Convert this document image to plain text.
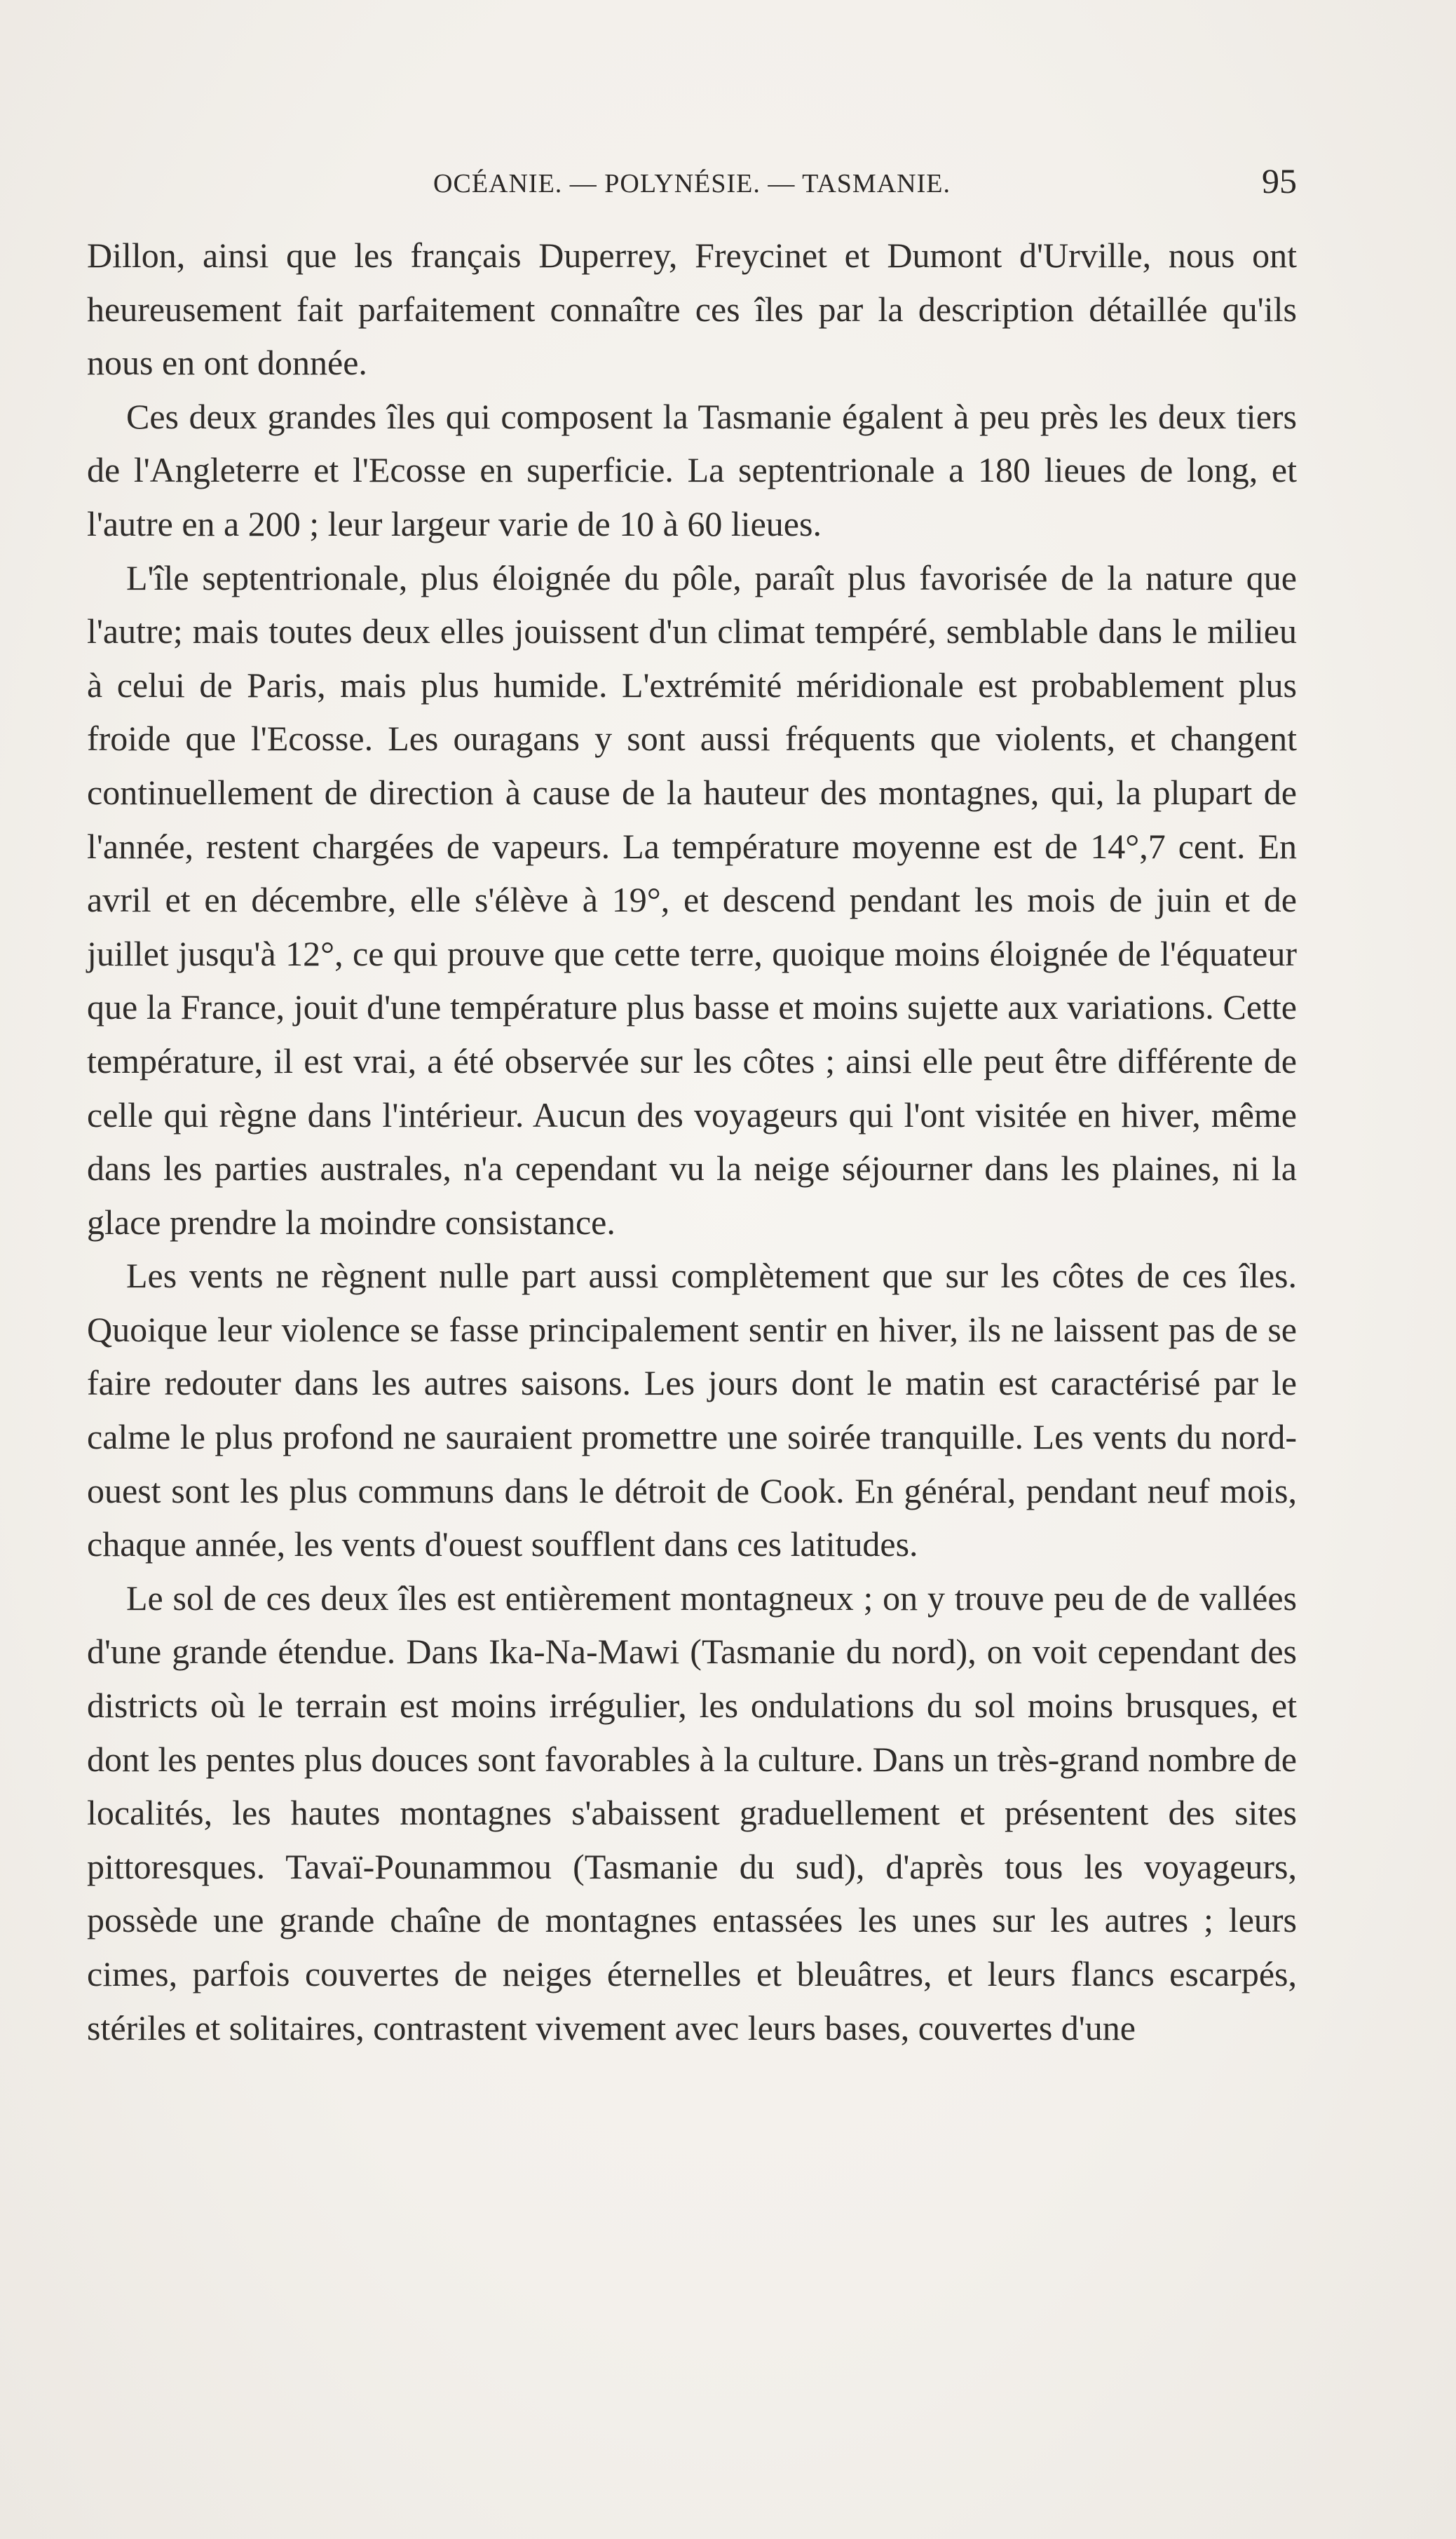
OCÉANIE. — POLYNÉSIE. — TASMANIE.	95

Dillon, ainsi que les français Duperrey, Freycinet et Dumont d'Urville, nous ont heureusement fait parfaitement connaître ces îles par la description détaillée qu'ils nous en ont donnée.

Ces deux grandes îles qui composent la Tasmanie égalent à peu près les deux tiers de l'Angleterre et l'Ecosse en superficie. La septentrionale a 180 lieues de long, et l'autre en a 200 ; leur largeur varie de 10 à 60 lieues.

L'île septentrionale, plus éloignée du pôle, paraît plus favorisée de la nature que l'autre; mais toutes deux elles jouissent d'un climat tempéré, semblable dans le milieu à celui de Paris, mais plus humide. L'extrémité méridionale est probablement plus froide que l'Ecosse. Les ouragans y sont aussi fréquents que violents, et changent continuellement de direction à cause de la hauteur des montagnes, qui, la plupart de l'année, restent chargées de vapeurs. La température moyenne est de 14°,7 cent. En avril et en décembre, elle s'élève à 19°, et descend pendant les mois de juin et de juillet jusqu'à 12°, ce qui prouve que cette terre, quoique moins éloignée de l'équateur que la France, jouit d'une température plus basse et moins sujette aux variations. Cette température, il est vrai, a été observée sur les côtes ; ainsi elle peut être différente de celle qui règne dans l'intérieur. Aucun des voyageurs qui l'ont visitée en hiver, même dans les parties australes, n'a cependant vu la neige séjourner dans les plaines, ni la glace prendre la moindre consistance.

Les vents ne règnent nulle part aussi complètement que sur les côtes de ces îles. Quoique leur violence se fasse principalement sentir en hiver, ils ne laissent pas de se faire redouter dans les autres saisons. Les jours dont le matin est caractérisé par le calme le plus profond ne sauraient promettre une soirée tranquille. Les vents du nord-ouest sont les plus communs dans le détroit de Cook. En général, pendant neuf mois, chaque année, les vents d'ouest soufflent dans ces latitudes.

Le sol de ces deux îles est entièrement montagneux ; on y trouve peu de de vallées d'une grande étendue. Dans Ika-Na-Mawi (Tasmanie du nord), on voit cependant des districts où le terrain est moins irrégulier, les ondulations du sol moins brusques, et dont les pentes plus douces sont favorables à la culture. Dans un très-grand nombre de localités, les hautes montagnes s'abaissent graduellement et présentent des sites pittoresques. Tavaï-Pounammou (Tasmanie du sud), d'après tous les voyageurs, possède une grande chaîne de montagnes entassées les unes sur les autres ; leurs cimes, parfois couvertes de neiges éternelles et bleuâtres, et leurs flancs escarpés, stériles et solitaires, contrastent vivement avec leurs bases, couvertes d'une
